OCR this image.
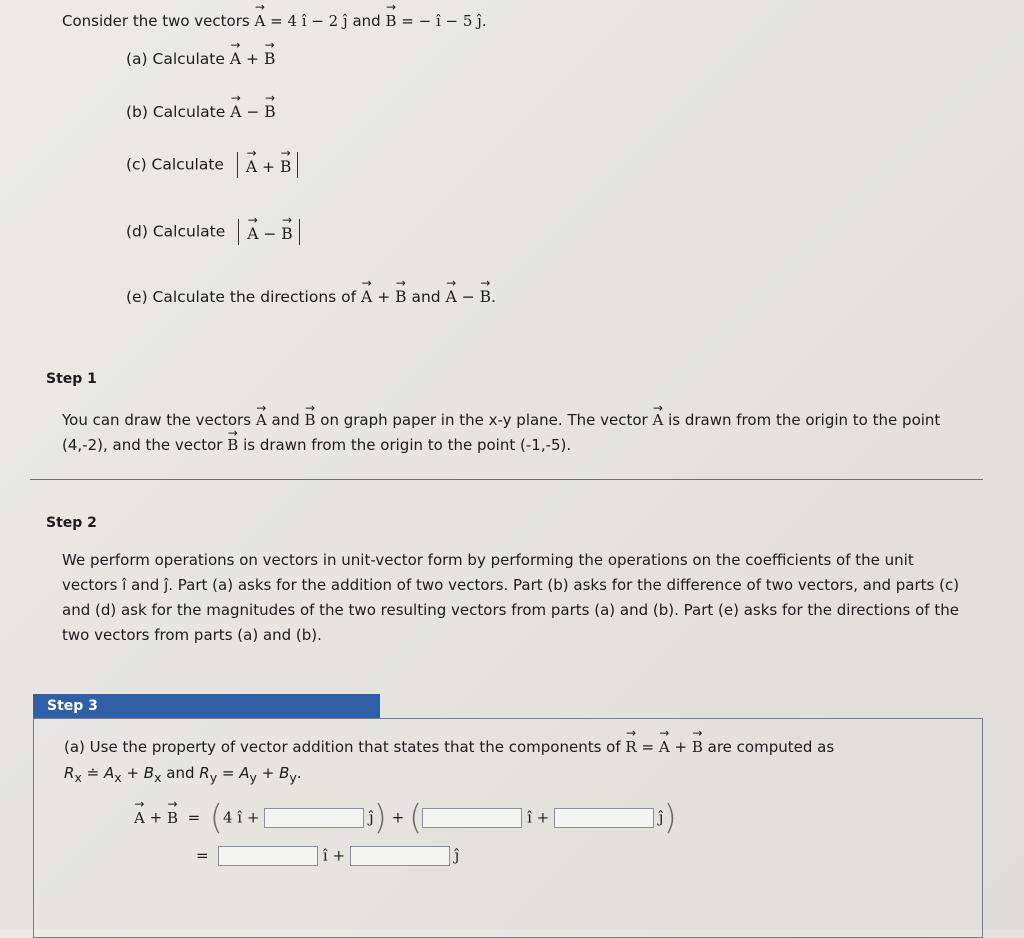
Consider the two vectors → A = 4 î − 2 ĵ and → B = − î − 5 ĵ.
(a) Calculate → A + → B
(b) Calculate → A − → B
(c) Calculate → A + → B
(d) Calculate → A − → B
(e) Calculate the directions of → A + → B and → A − → B.
Step 1
You can draw the vectors → A and → B on graph paper in the x-y plane. The vector → A is drawn from the origin to the point (4,-2), and the vector → B is drawn from the origin to the point (-1,-5).
Step 2
We perform operations on vectors in unit-vector form by performing the operations on the coefficients of the unit vectors î and ĵ. Part (a) asks for the addition of two vectors. Part (b) asks for the difference of two vectors, and parts (c) and (d) ask for the magnitudes of the two resulting vectors from parts (a) and (b). Part (e) asks for the directions of the two vectors from parts (a) and (b).
Step 3
(a) Use the property of vector addition that states that the components of → R = → A + → B are computed as
$R_x$ ≐ $A_x + B_x$ and $R_y = A_y + B_y$.
→ A + → B = (4 î +	ĵ) + (	î +	ĵ)
=	î +	ĵ
